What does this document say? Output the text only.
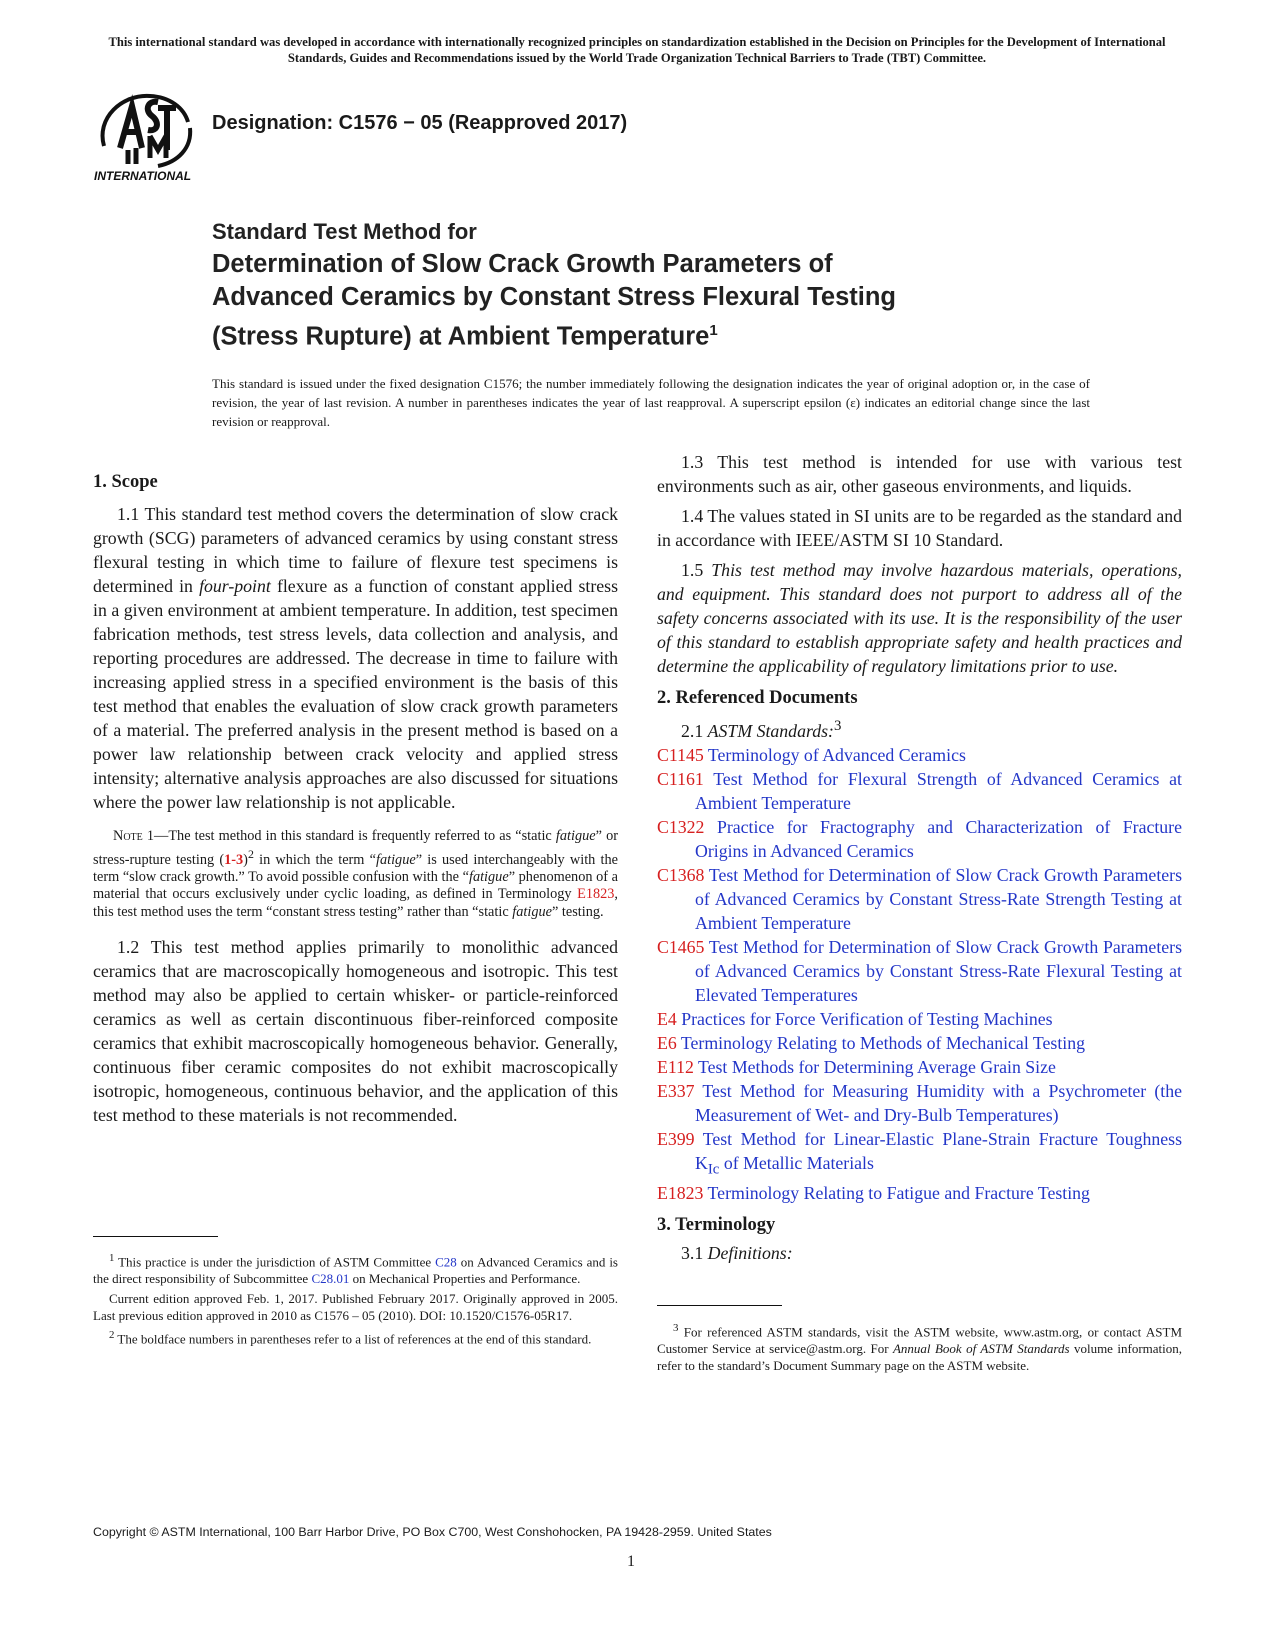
This international standard was developed in accordance with internationally recognized principles on standardization established in the Decision on Principles for the Development of International Standards, Guides and Recommendations issued by the World Trade Organization Technical Barriers to Trade (TBT) Committee.
INTERNATIONAL
Designation: C1576 − 05 (Reapproved 2017)
Standard Test Method for
Determination of Slow Crack Growth Parameters of
Advanced Ceramics by Constant Stress Flexural Testing
(Stress Rupture) at Ambient Temperature$^1$
This standard is issued under the fixed designation C1576; the number immediately following the designation indicates the year of original adoption or, in the case of revision, the year of last revision. A number in parentheses indicates the year of last reapproval. A superscript epsilon (ε) indicates an editorial change since the last revision or reapproval.

1. Scope

1.1 This standard test method covers the determination of slow crack growth (SCG) parameters of advanced ceramics by using constant stress flexural testing in which time to failure of flexure test specimens is determined in four-point flexure as a function of constant applied stress in a given environment at ambient temperature. In addition, test specimen fabrication methods, test stress levels, data collection and analysis, and reporting procedures are addressed. The decrease in time to failure with increasing applied stress in a specified environment is the basis of this test method that enables the evaluation of slow crack growth parameters of a material. The preferred analysis in the present method is based on a power law relationship between crack velocity and applied stress intensity; alternative analysis approaches are also discussed for situations where the power law relationship is not applicable.

Note 1—The test method in this standard is frequently referred to as “static fatigue” or stress-rupture testing $(1-3)^2$ in which the term “fatigue” is used interchangeably with the term “slow crack growth.” To avoid possible confusion with the “fatigue” phenomenon of a material that occurs exclusively under cyclic loading, as defined in Terminology E1823, this test method uses the term “constant stress testing” rather than “static fatigue” testing.

1.2 This test method applies primarily to monolithic advanced ceramics that are macroscopically homogeneous and isotropic. This test method may also be applied to certain whisker- or particle-reinforced ceramics as well as certain discontinuous fiber-reinforced composite ceramics that exhibit macroscopically homogeneous behavior. Generally, continuous fiber ceramic composites do not exhibit macroscopically isotropic, homogeneous, continuous behavior, and the application of this test method to these materials is not recommended.

$^1$ This practice is under the jurisdiction of ASTM Committee C28 on Advanced Ceramics and is the direct responsibility of Subcommittee C28.01 on Mechanical Properties and Performance.

Current edition approved Feb. 1, 2017. Published February 2017. Originally approved in 2005. Last previous edition approved in 2010 as C1576 – 05 (2010). DOI: 10.1520/C1576-05R17.

$^2$ The boldface numbers in parentheses refer to a list of references at the end of this standard.

1.3 This test method is intended for use with various test environments such as air, other gaseous environments, and liquids.

1.4 The values stated in SI units are to be regarded as the standard and in accordance with IEEE/ASTM SI 10 Standard.

1.5 This test method may involve hazardous materials, operations, and equipment. This standard does not purport to address all of the safety concerns associated with its use. It is the responsibility of the user of this standard to establish appropriate safety and health practices and determine the applicability of regulatory limitations prior to use.

2. Referenced Documents

2.1 ASTM Standards:$^3$

C1145 Terminology of Advanced Ceramics

C1161 Test Method for Flexural Strength of Advanced Ceramics at Ambient Temperature

C1322 Practice for Fractography and Characterization of Fracture Origins in Advanced Ceramics

C1368 Test Method for Determination of Slow Crack Growth Parameters of Advanced Ceramics by Constant Stress-Rate Strength Testing at Ambient Temperature

C1465 Test Method for Determination of Slow Crack Growth Parameters of Advanced Ceramics by Constant Stress-Rate Flexural Testing at Elevated Temperatures

E4 Practices for Force Verification of Testing Machines

E6 Terminology Relating to Methods of Mechanical Testing

E112 Test Methods for Determining Average Grain Size

E337 Test Method for Measuring Humidity with a Psychrometer (the Measurement of Wet- and Dry-Bulb Temperatures)

E399 Test Method for Linear-Elastic Plane-Strain Fracture Toughness $K_{Ic}$ of Metallic Materials

E1823 Terminology Relating to Fatigue and Fracture Testing

3. Terminology

3.1 Definitions:

$^3$ For referenced ASTM standards, visit the ASTM website, www.astm.org, or contact ASTM Customer Service at service@astm.org. For Annual Book of ASTM Standards volume information, refer to the standard’s Document Summary page on the ASTM website.

Copyright © ASTM International, 100 Barr Harbor Drive, PO Box C700, West Conshohocken, PA 19428-2959. United States
1
